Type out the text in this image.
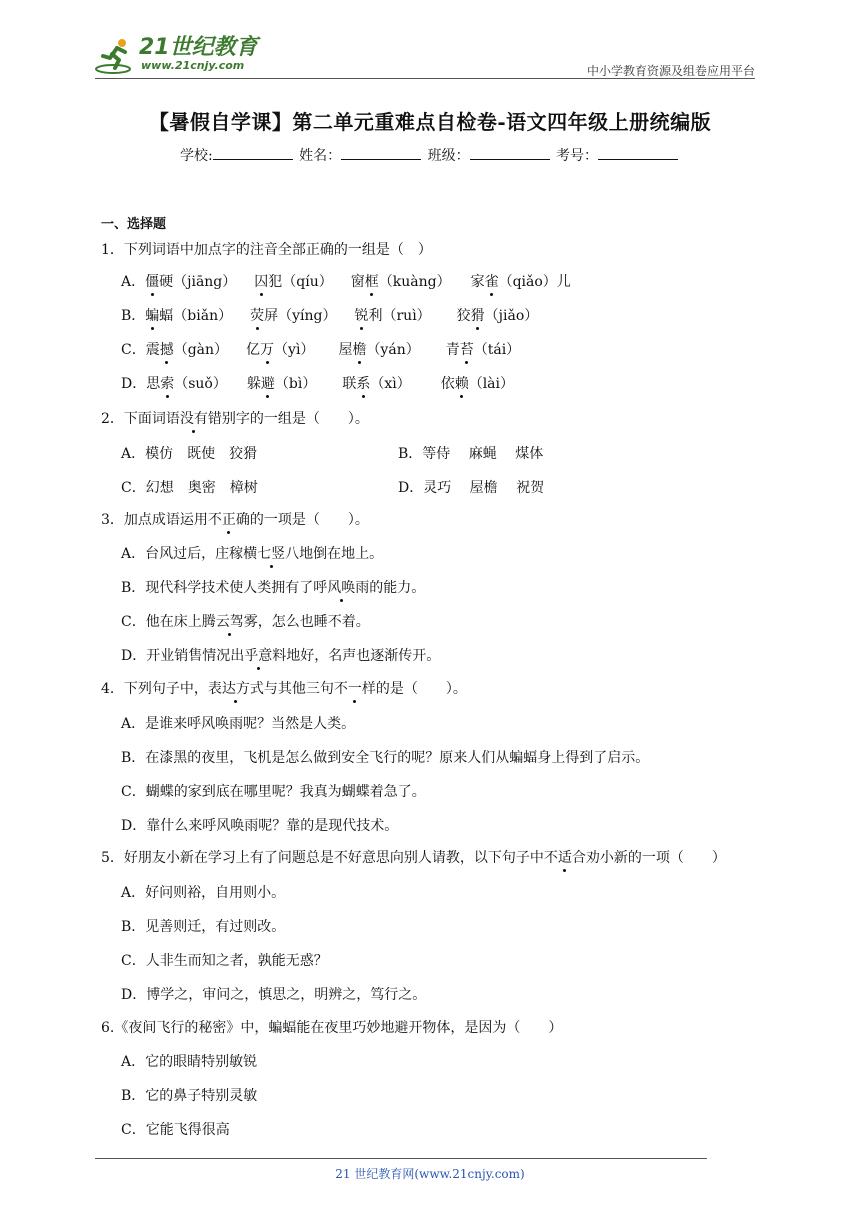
21世纪教育
www.21cnjy.com	中小学教育资源及组卷应用平台
【暑假自学课】第二单元重难点自检卷-语文四年级上册统编版
学校:	姓名：	班级：	考号：
一、选择题
1．下列词语中加点字的注音全部正确的一组是（　）
A．僵硬（jiāng） 囚犯（qíu） 窗框（kuàng） 家雀（qiǎo）儿
B．蝙蝠（biǎn） 荧屏（yíng） 锐利（ruì） 狡猾（jiǎo）
C．震撼（gàn） 亿万（yì） 屋檐（yán） 青苔（tái）
D．思索（suǒ） 躲避（bì） 联系（xì） 依赖（lài）
2．下面词语没有错别字的一组是（　　）。
A．模仿　既使　狡猾	B．等侍　 麻蝇　 煤体
C．幻想　奥密　樟树	D．灵巧　 屋檐　 祝贺
3．加点成语运用不正确的一项是（　　）。
A．台风过后，庄稼横七竖八地倒在地上。
B．现代科学技术使人类拥有了呼风唤雨的能力。
C．他在床上腾云驾雾，怎么也睡不着。
D．开业销售情况出乎意料地好，名声也逐渐传开。
4．下列句子中，表达方式与其他三句不一样的是（　　）。
A．是谁来呼风唤雨呢？当然是人类。
B．在漆黑的夜里，飞机是怎么做到安全飞行的呢？原来人们从蝙蝠身上得到了启示。
C．蝴蝶的家到底在哪里呢？我真为蝴蝶着急了。
D．靠什么来呼风唤雨呢？靠的是现代技术。
5．好朋友小新在学习上有了问题总是不好意思向别人请教，以下句子中不适合劝小新的一项（　　）
A．好问则裕，自用则小。
B．见善则迁，有过则改。
C．人非生而知之者，孰能无惑？
D．博学之，审问之，慎思之，明辨之，笃行之。
6.《夜间飞行的秘密》中，蝙蝠能在夜里巧妙地避开物体，是因为（　　）
A．它的眼睛特别敏锐
B．它的鼻子特别灵敏
C．它能飞得很高
21 世纪教育网(www.21cnjy.com)
